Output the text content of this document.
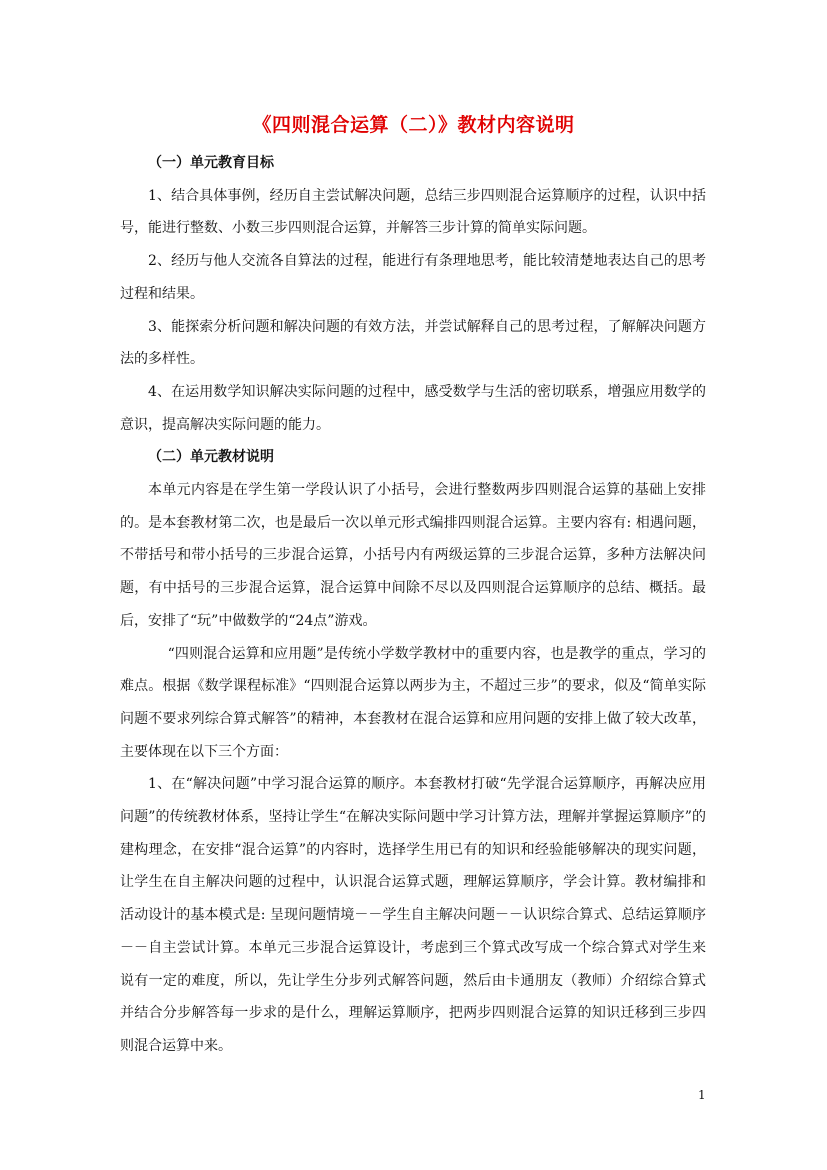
《四则混合运算（二）》教材内容说明

（一）单元教育目标

1、结合具体事例，经历自主尝试解决问题，总结三步四则混合运算顺序的过程，认识中括号，能进行整数、小数三步四则混合运算，并解答三步计算的简单实际问题。

2、经历与他人交流各自算法的过程，能进行有条理地思考，能比较清楚地表达自己的思考过程和结果。

3、能探索分析问题和解决问题的有效方法，并尝试解释自己的思考过程，了解解决问题方法的多样性。

4、在运用数学知识解决实际问题的过程中，感受数学与生活的密切联系，增强应用数学的意识，提高解决实际问题的能力。

（二）单元教材说明

本单元内容是在学生第一学段认识了小括号，会进行整数两步四则混合运算的基础上安排的。是本套教材第二次，也是最后一次以单元形式编排四则混合运算。主要内容有: 相遇问题，不带括号和带小括号的三步混合运算，小括号内有两级运算的三步混合运算，多种方法解决问题，有中括号的三步混合运算，混合运算中间除不尽以及四则混合运算顺序的总结、概括。最后，安排了“玩”中做数学的“24点”游戏。

“四则混合运算和应用题”是传统小学数学教材中的重要内容，也是教学的重点，学习的难点。根据《数学课程标准》“四则混合运算以两步为主，不超过三步”的要求，似及“简单实际问题不要求列综合算式解答”的精神，本套教材在混合运算和应用问题的安排上做了较大改革，主要体现在以下三个方面：

1、在“解决问题”中学习混合运算的顺序。本套教材打破“先学混合运算顺序，再解决应用问题”的传统教材体系，坚持让学生“在解决实际问题中学习计算方法，理解并掌握运算顺序”的建构理念，在安排“混合运算”的内容时，选择学生用已有的知识和经验能够解决的现实问题，让学生在自主解决问题的过程中，认识混合运算式题，理解运算顺序，学会计算。教材编排和活动设计的基本模式是: 呈现问题情境－－学生自主解决问题－－认识综合算式、总结运算顺序－－自主尝试计算。本单元三步混合运算设计，考虑到三个算式改写成一个综合算式对学生来说有一定的难度，所以，先让学生分步列式解答问题，然后由卡通朋友（教师）介绍综合算式并结合分步解答每一步求的是什么，理解运算顺序，把两步四则混合运算的知识迁移到三步四则混合运算中来。

1
